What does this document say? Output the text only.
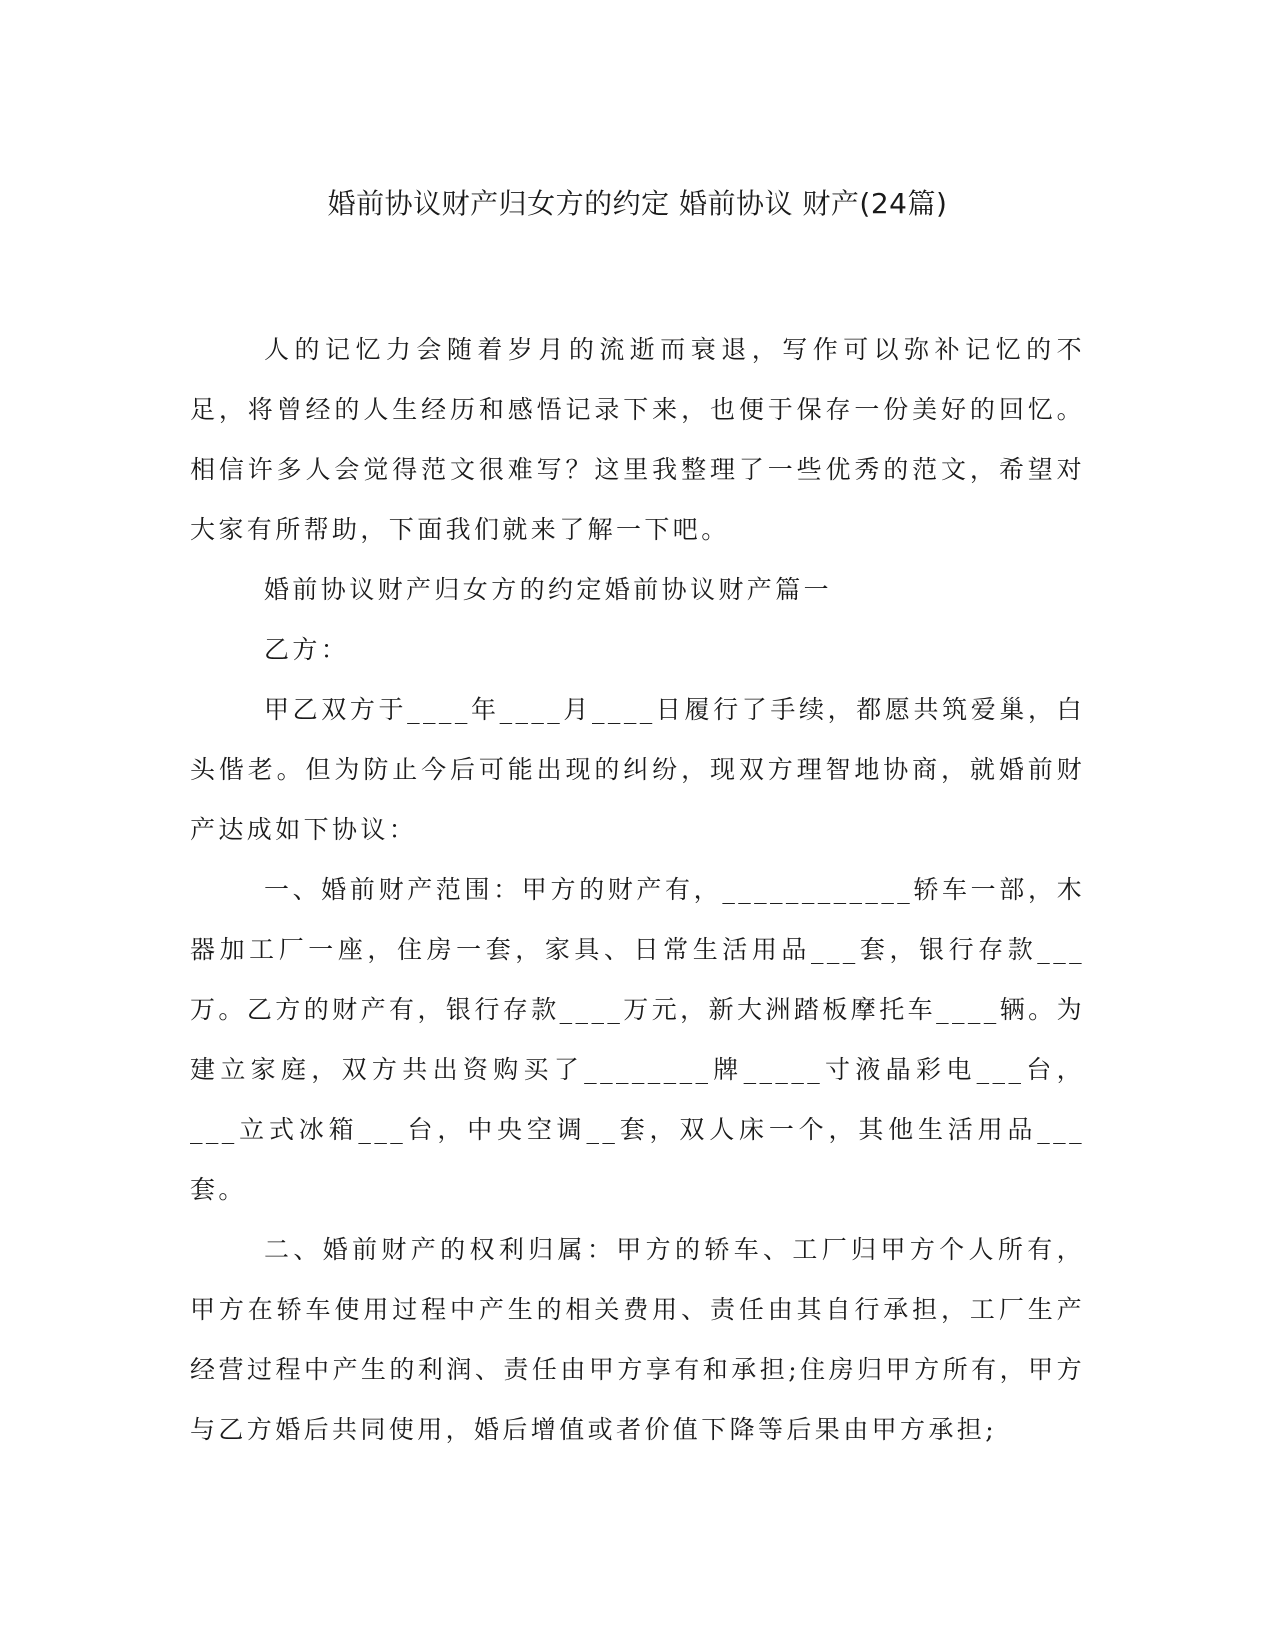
婚前协议财产归女方的约定 婚前协议 财产(24篇)

人的记忆力会随着岁月的流逝而衰退，写作可以弥补记忆的不足，将曾经的人生经历和感悟记录下来，也便于保存一份美好的回忆。相信许多人会觉得范文很难写？这里我整理了一些优秀的范文，希望对大家有所帮助，下面我们就来了解一下吧。

婚前协议财产归女方的约定婚前协议财产篇一

乙方：

甲乙双方于____年____月____日履行了手续，都愿共筑爱巢，白头偕老。但为防止今后可能出现的纠纷，现双方理智地协商，就婚前财产达成如下协议：

一、婚前财产范围：甲方的财产有，____________轿车一部，木器加工厂一座，住房一套，家具、日常生活用品___套，银行存款___万。乙方的财产有，银行存款____万元，新大洲踏板摩托车____辆。为建立家庭，双方共出资购买了________牌_____寸液晶彩电___台，___立式冰箱___台，中央空调__套，双人床一个，其他生活用品___套。

二、婚前财产的权利归属：甲方的轿车、工厂归甲方个人所有，甲方在轿车使用过程中产生的相关费用、责任由其自行承担，工厂生产经营过程中产生的利润、责任由甲方享有和承担;住房归甲方所有，甲方与乙方婚后共同使用，婚后增值或者价值下降等后果由甲方承担;
